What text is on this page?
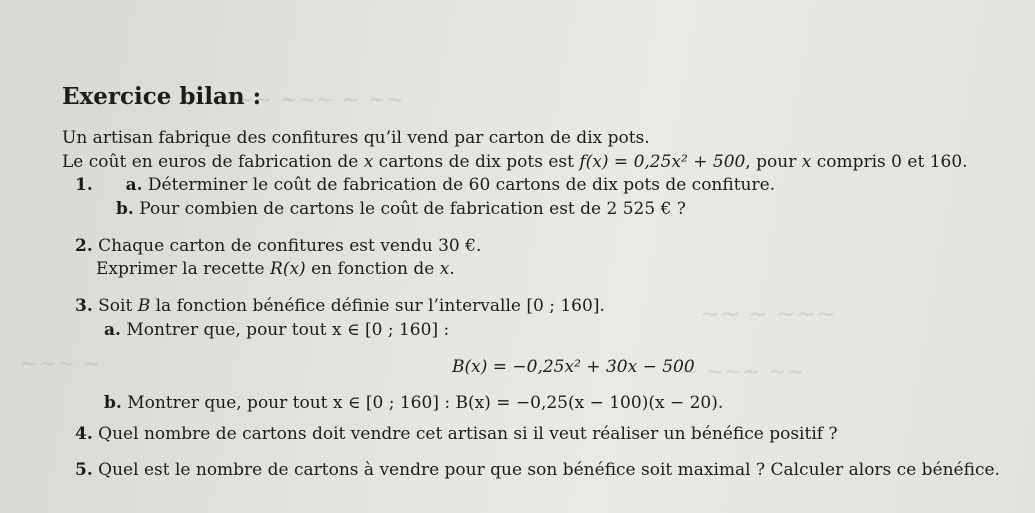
~ ~~ ~~~ ~ ~~
~~ ~ ~~~
~~~ ~	~ ~~~ ~~
Exercice bilan :
Un artisan fabrique des confitures qu’il vend par carton de dix pots.
Le coût en euros de fabrication de x cartons de dix pots est f(x) = 0,25x² + 500, pour x compris 0 et 160.
1. a. Déterminer le coût de fabrication de 60 cartons de dix pots de confiture.
b. Pour combien de cartons le coût de fabrication est de 2 525 € ?
2. Chaque carton de confitures est vendu 30 €.
Exprimer la recette R(x) en fonction de x.
3. Soit B la fonction bénéfice définie sur l’intervalle [0 ; 160].
a. Montrer que, pour tout x ∈ [0 ; 160] :
B(x) = −0,25x² + 30x − 500
b. Montrer que, pour tout x ∈ [0 ; 160] : B(x) = −0,25(x − 100)(x − 20).
4. Quel nombre de cartons doit vendre cet artisan si il veut réaliser un bénéfice positif ?
5. Quel est le nombre de cartons à vendre pour que son bénéfice soit maximal ? Calculer alors ce bénéfice.
